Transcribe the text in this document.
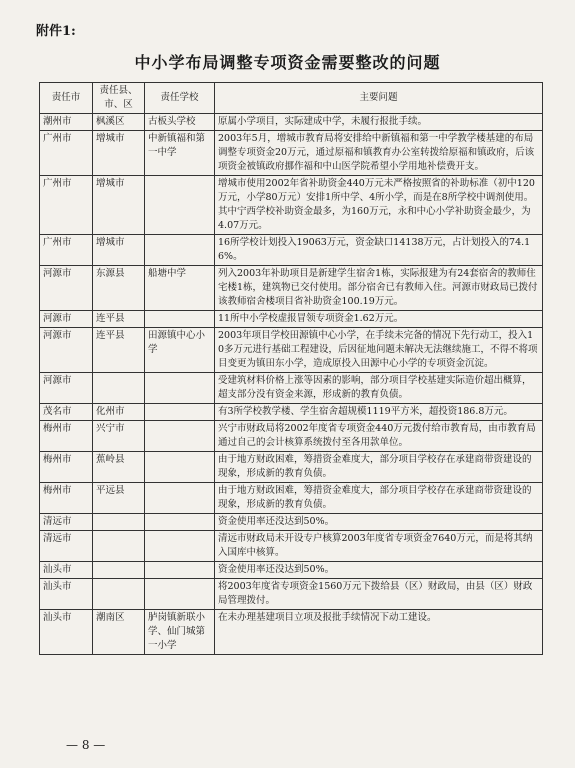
附件1:
中小学布局调整专项资金需要整改的问题
责任市	责任县、市、区	责任学校	主要问题
潮州市	枫溪区	古板头学校	原属小学项目，实际建成中学，未履行报批手续。
广州市	增城市	中新镇福和第一中学	2003年5月，增城市教育局将安排给中新镇福和第一中学教学楼基建的布局调整专项资金20万元，通过原福和镇教育办公室转拨给原福和镇政府，后该项资金被镇政府挪作福和中山医学院希望小学用地补偿费开支。
广州市	增城市		增城市使用2002年省补助资金440万元未严格按照省的补助标准（初中120万元，小学80万元）安排1所中学、4所小学，而是在8所学校中调剂使用。其中宁西学校补助资金最多，为160万元，永和中心小学补助资金最少，为4.07万元。
广州市	增城市		16所学校计划投入19063万元，资金缺口14138万元，占计划投入的74.16%。
河源市	东源县	船塘中学	列入2003年补助项目是新建学生宿舍1栋，实际报建为有24套宿舍的教师住宅楼1栋，建筑物已交付使用。部分宿舍已有教师入住。河源市财政局已拨付该教师宿舍楼项目省补助资金100.19万元。
河源市	连平县		11所中小学校虚报冒领专项资金1.62万元。
河源市	连平县	田源镇中心小学	2003年项目学校田源镇中心小学，在手续未完备的情况下先行动工，投入10多万元进行基础工程建设，后因征地问题未解决无法继续施工，不得不将项目变更为镇田东小学，造成原投入田源中心小学的专项资金沉淀。
河源市			受建筑材料价格上涨等因素的影响，部分项目学校基建实际造价超出概算，超支部分没有资金来源，形成新的教育负债。
茂名市	化州市		有3所学校教学楼、学生宿舍超规模1119平方米，超投资186.8万元。
梅州市	兴宁市		兴宁市财政局将2002年度省专项资金440万元拨付给市教育局，由市教育局通过自己的会计核算系统拨付至各用款单位。
梅州市	蕉岭县		由于地方财政困难，筹措资金难度大，部分项目学校存在承建商带资建设的现象，形成新的教育负债。
梅州市	平远县		由于地方财政困难，筹措资金难度大，部分项目学校存在承建商带资建设的现象，形成新的教育负债。
清远市			资金使用率还没达到50%。
清远市			清远市财政局未开设专户核算2003年度省专项资金7640万元，而是将其纳入国库中核算。
汕头市			资金使用率还没达到50%。
汕头市			将2003年度省专项资金1560万元下拨给县（区）财政局，由县（区）财政局管理拨付。
汕头市	潮南区	胪岗镇新联小学、仙门城第一小学	在未办理基建项目立项及报批手续情况下动工建设。
— 8 —
